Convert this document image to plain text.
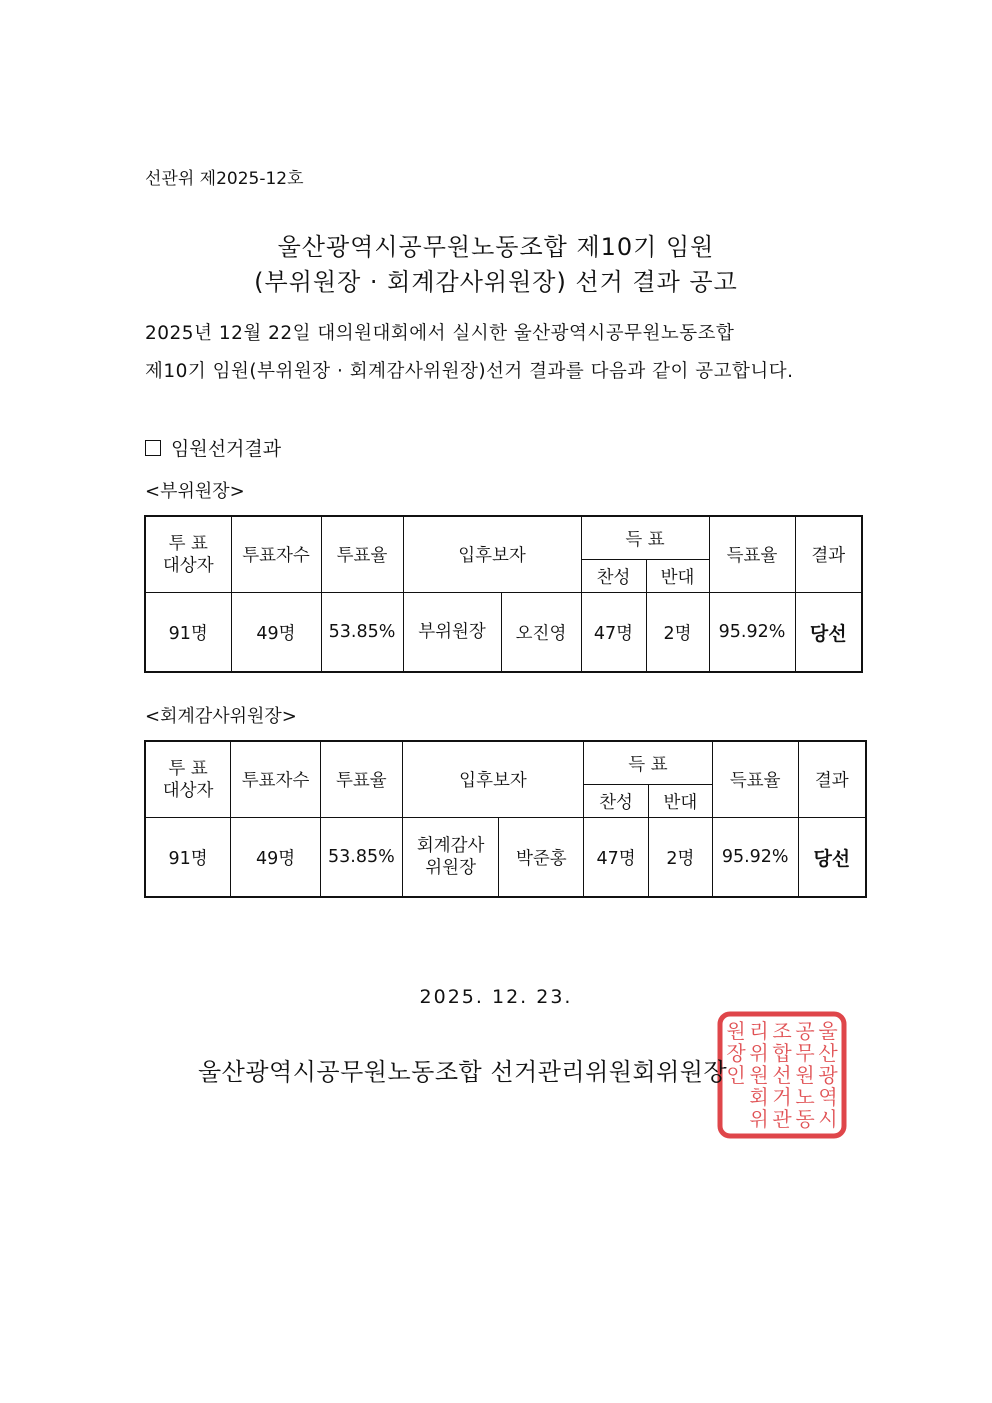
선관위 제2025-12호
울산광역시공무원노동조합 제10기 임원
(부위원장 · 회계감사위원장) 선거 결과 공고
2025년 12월 22일 대의원대회에서 실시한 울산광역시공무원노동조합
제10기 임원(부위원장 · 회계감사위원장)선거 결과를 다음과 같이 공고합니다.
임원선거결과
<부위원장>
투 표
대상자	투표자수	투표율	입후보자		득 표		득표율	결과
					찬성	반대		
91명	49명	53.85%	부위원장	오진영	47명	2명	95.92%	당선
<회계감사위원장>
투 표
대상자	투표자수	투표율	입후보자		득 표		득표율	결과
					찬성	반대		
91명	49명	53.85%	회계감사
위원장	박준홍	47명	2명	95.92%	당선
2025. 12. 23.
울
산
광
역
시
공
무
원
노
동
조
합
선
거
관
리
위
원
회
위
원
장
인
울산광역시공무원노동조합 선거관리위원회위원장
